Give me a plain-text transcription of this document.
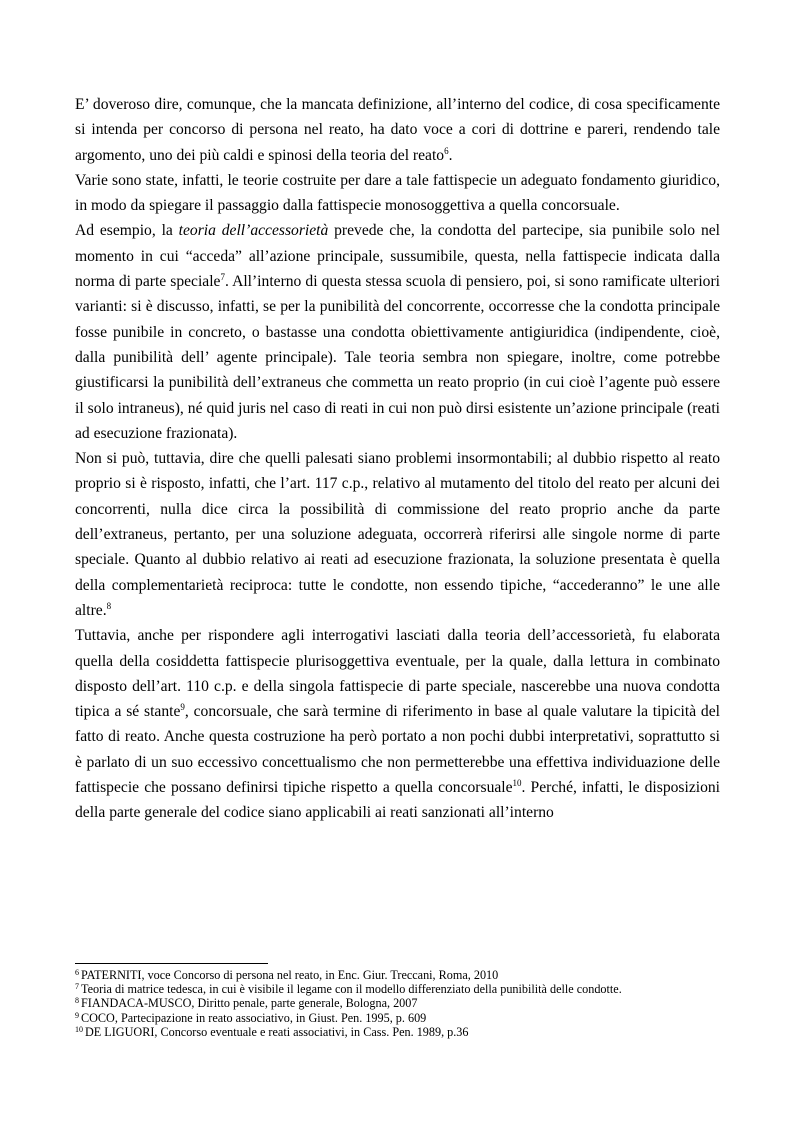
E’ doveroso dire, comunque, che la mancata definizione, all’interno del codice, di cosa specificamente si intenda per concorso di persona nel reato, ha dato voce a cori di dottrine e pareri, rendendo tale argomento, uno dei più caldi e spinosi della teoria del reato$^6$.

Varie sono state, infatti, le teorie costruite per dare a tale fattispecie un adeguato fondamento giuridico, in modo da spiegare il passaggio dalla fattispecie monosoggettiva a quella concorsuale.

Ad esempio, la teoria dell’accessorietà prevede che, la condotta del partecipe, sia punibile solo nel momento in cui “acceda” all’azione principale, sussumibile, questa, nella fattispecie indicata dalla norma di parte speciale$^7$. All’interno di questa stessa scuola di pensiero, poi, si sono ramificate ulteriori varianti: si è discusso, infatti, se per la punibilità del concorrente, occorresse che la condotta principale fosse punibile in concreto, o bastasse una condotta obiettivamente antigiuridica (indipendente, cioè, dalla punibilità dell’ agente principale). Tale teoria sembra non spiegare, inoltre, come potrebbe giustificarsi la punibilità dell’extraneus che commetta un reato proprio (in cui cioè l’agente può essere il solo intraneus), né quid juris nel caso di reati in cui non può dirsi esistente un’azione principale (reati ad esecuzione frazionata).

Non si può, tuttavia, dire che quelli palesati siano problemi insormontabili; al dubbio rispetto al reato proprio si è risposto, infatti, che l’art. 117 c.p., relativo al mutamento del titolo del reato per alcuni dei concorrenti, nulla dice circa la possibilità di commissione del reato proprio anche da parte dell’extraneus, pertanto, per una soluzione adeguata, occorrerà riferirsi alle singole norme di parte speciale. Quanto al dubbio relativo ai reati ad esecuzione frazionata, la soluzione presentata è quella della complementarietà reciproca: tutte le condotte, non essendo tipiche, “accederanno” le une alle altre.$^8$

Tuttavia, anche per rispondere agli interrogativi lasciati dalla teoria dell’accessorietà, fu elaborata quella della cosiddetta fattispecie plurisoggettiva eventuale, per la quale, dalla lettura in combinato disposto dell’art. 110 c.p. e della singola fattispecie di parte speciale, nascerebbe una nuova condotta tipica a sé stante$^9$, concorsuale, che sarà termine di riferimento in base al quale valutare la tipicità del fatto di reato. Anche questa costruzione ha però portato a non pochi dubbi interpretativi, soprattutto si è parlato di un suo eccessivo concettualismo che non permetterebbe una effettiva individuazione delle fattispecie che possano definirsi tipiche rispetto a quella concorsuale$^{10}$. Perché, infatti, le disposizioni della parte generale del codice siano applicabili ai reati sanzionati all’interno

$^6$ PATERNITI, voce Concorso di persona nel reato, in Enc. Giur. Treccani, Roma, 2010

$^7$ Teoria di matrice tedesca, in cui è visibile il legame con il modello differenziato della punibilità delle condotte.

$^8$ FIANDACA-MUSCO, Diritto penale, parte generale, Bologna, 2007

$^9$ COCO, Partecipazione in reato associativo, in Giust. Pen. 1995, p. 609

$^{10}$ DE LIGUORI, Concorso eventuale e reati associativi, in Cass. Pen. 1989, p.36
